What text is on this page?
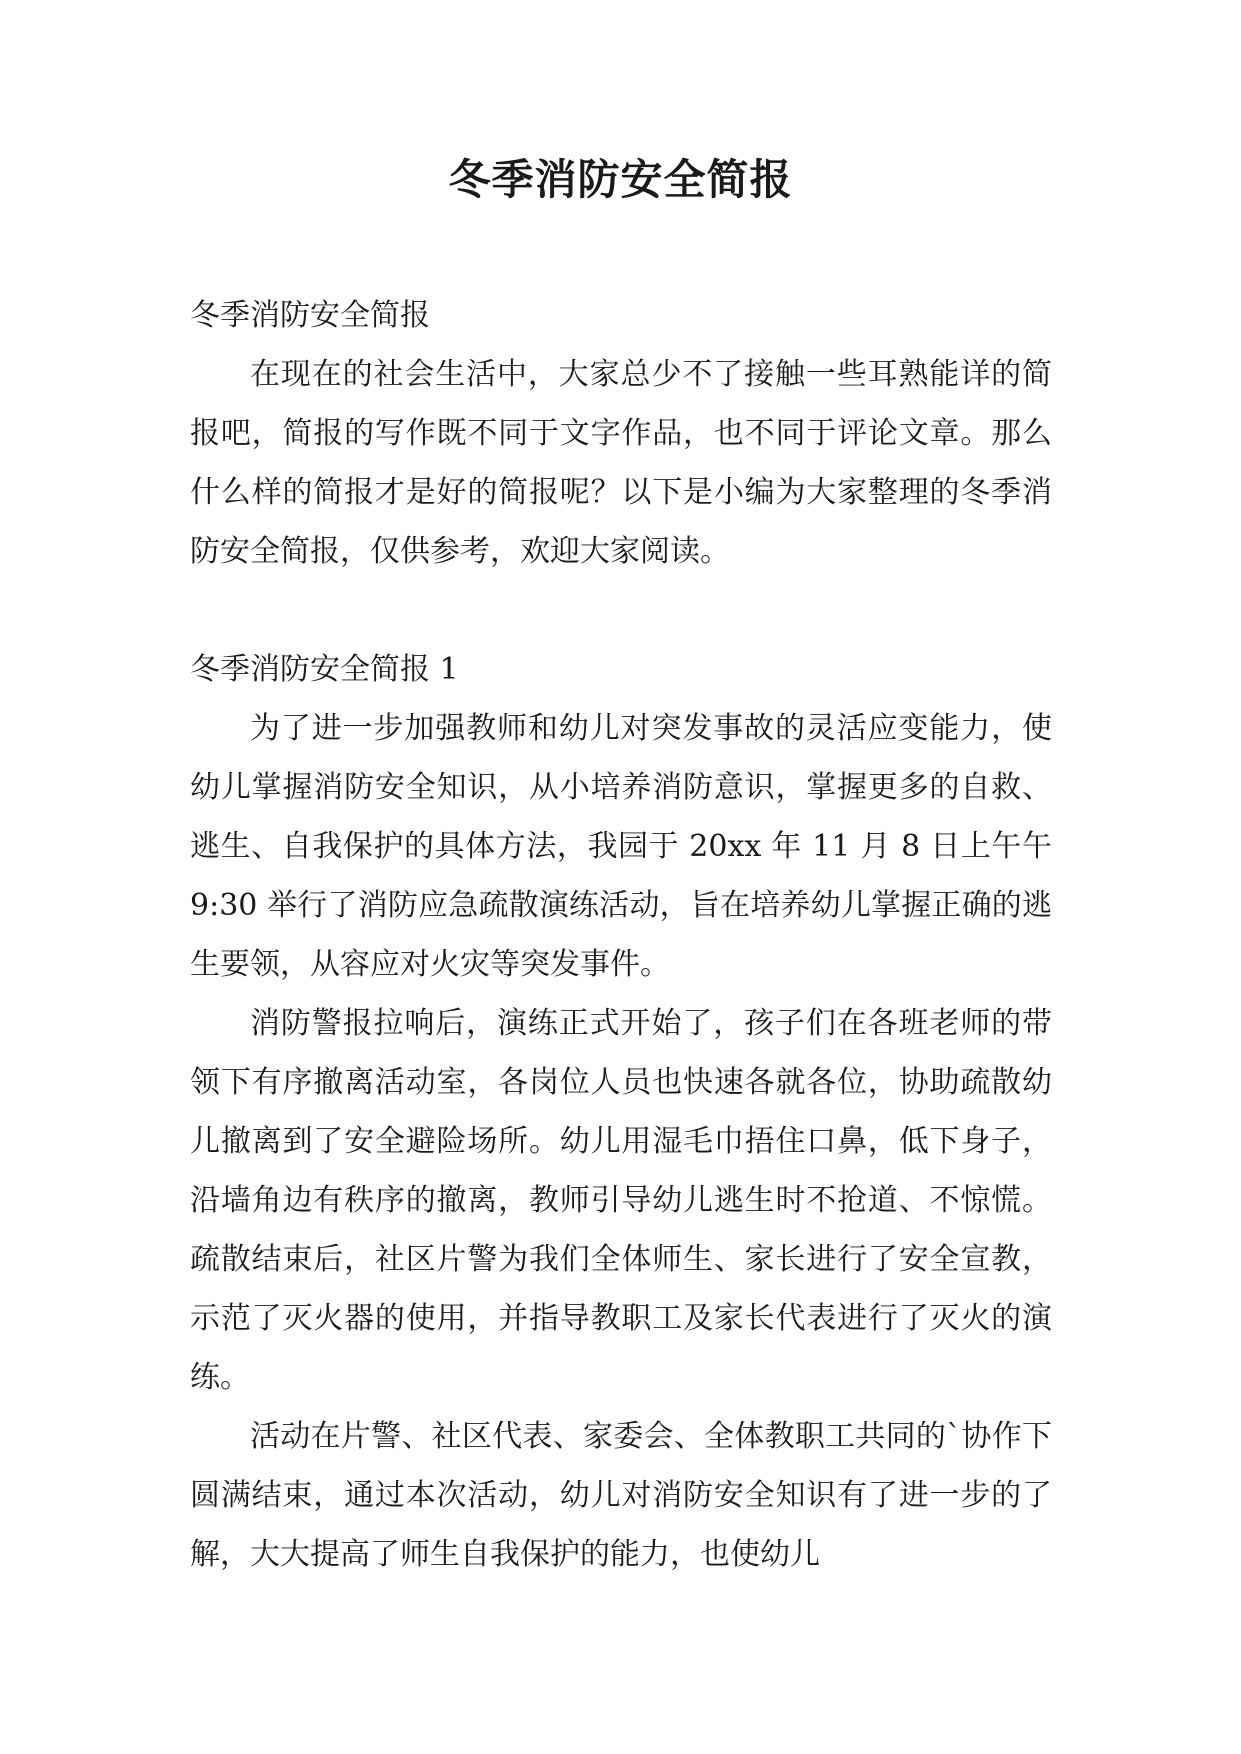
冬季消防安全简报

冬季消防安全简报

在现在的社会生活中，大家总少不了接触一些耳熟能详的简报吧，简报的写作既不同于文字作品，也不同于评论文章。那么什么样的简报才是好的简报呢？以下是小编为大家整理的冬季消防安全简报，仅供参考，欢迎大家阅读。

冬季消防安全简报 1

为了进一步加强教师和幼儿对突发事故的灵活应变能力，使幼儿掌握消防安全知识，从小培养消防意识，掌握更多的自救、逃生、自我保护的具体方法，我园于 20xx 年 11 月 8 日上午午 9:30 举行了消防应急疏散演练活动，旨在培养幼儿掌握正确的逃生要领，从容应对火灾等突发事件。

消防警报拉响后，演练正式开始了，孩子们在各班老师的带领下有序撤离活动室，各岗位人员也快速各就各位，协助疏散幼儿撤离到了安全避险场所。幼儿用湿毛巾捂住口鼻，低下身子，沿墙角边有秩序的撤离，教师引导幼儿逃生时不抢道、不惊慌。疏散结束后，社区片警为我们全体师生、家长进行了安全宣教，示范了灭火器的使用，并指导教职工及家长代表进行了灭火的演练。

活动在片警、社区代表、家委会、全体教职工共同的`协作下圆满结束，通过本次活动，幼儿对消防安全知识有了进一步的了解，大大提高了师生自我保护的能力，也使幼儿
